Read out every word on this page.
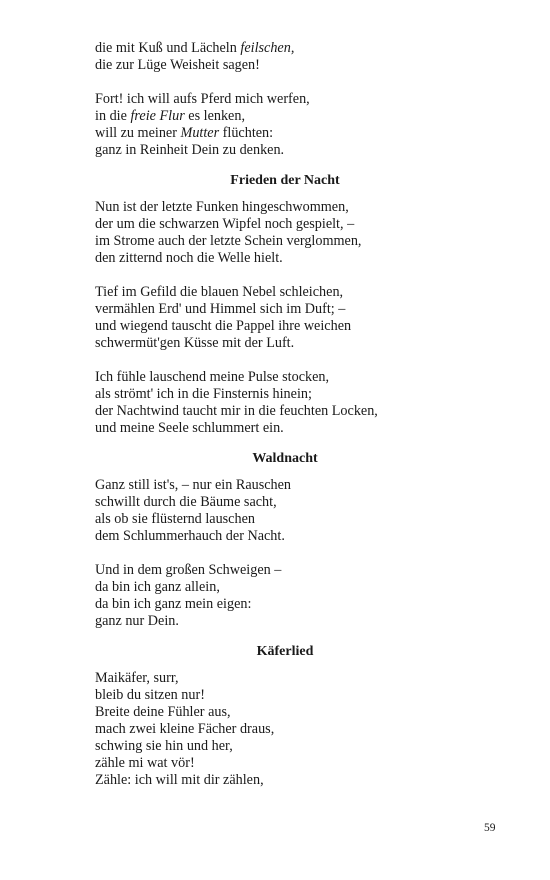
die mit Kuß und Lächeln feilschen,
die zur Lüge Weisheit sagen!
Fort! ich will aufs Pferd mich werfen,
in die freie Flur es lenken,
will zu meiner Mutter flüchten:
ganz in Reinheit Dein zu denken.
Frieden der Nacht
Nun ist der letzte Funken hingeschwommen,
der um die schwarzen Wipfel noch gespielt, –
im Strome auch der letzte Schein verglommen,
den zitternd noch die Welle hielt.
Tief im Gefild die blauen Nebel schleichen,
vermählen Erd' und Himmel sich im Duft; –
und wiegend tauscht die Pappel ihre weichen
schwermüt'gen Küsse mit der Luft.
Ich fühle lauschend meine Pulse stocken,
als strömt' ich in die Finsternis hinein;
der Nachtwind taucht mir in die feuchten Locken,
und meine Seele schlummert ein.
Waldnacht
Ganz still ist's, – nur ein Rauschen
schwillt durch die Bäume sacht,
als ob sie flüsternd lauschen
dem Schlummerhauch der Nacht.
Und in dem großen Schweigen –
da bin ich ganz allein,
da bin ich ganz mein eigen:
ganz nur Dein.
Käferlied
Maikäfer, surr,
bleib du sitzen nur!
Breite deine Fühler aus,
mach zwei kleine Fächer draus,
schwing sie hin und her,
zähle mi wat vör!
Zähle: ich will mit dir zählen,
59
